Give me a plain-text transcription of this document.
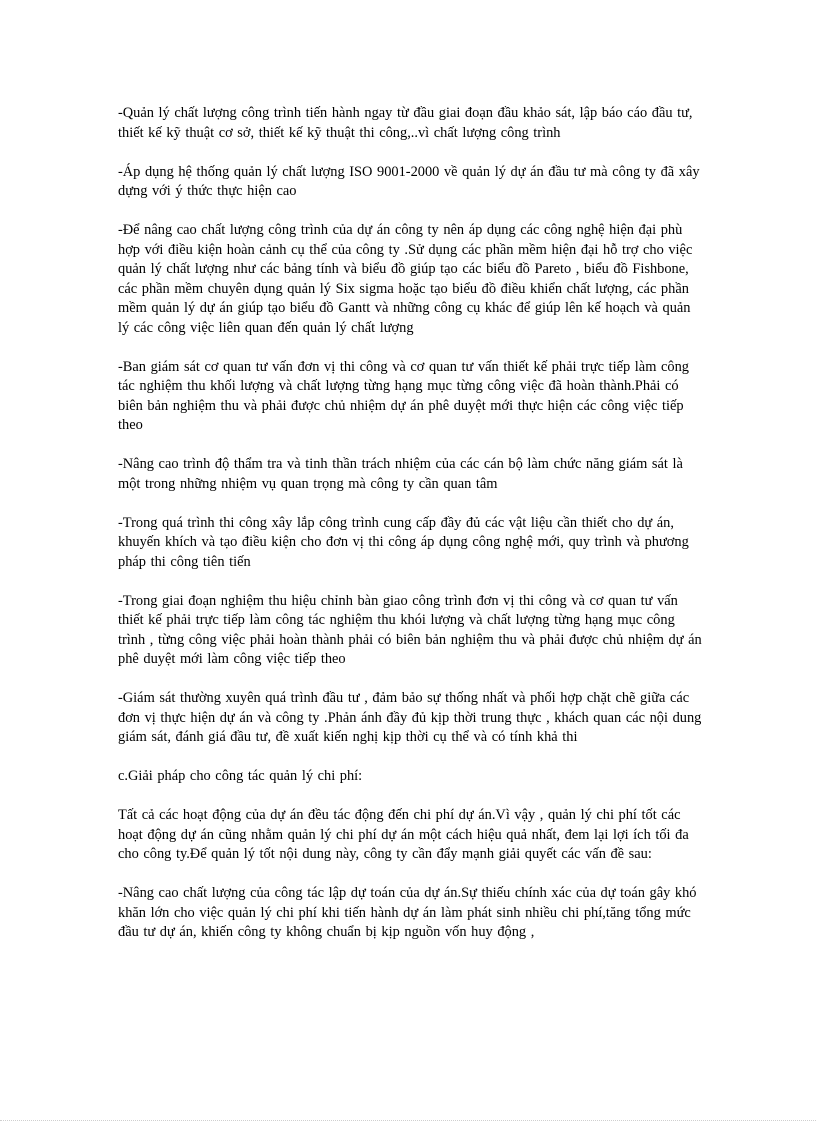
-Quản lý chất lượng công trình tiến hành ngay từ đầu giai đoạn đầu khảo sát, lập báo cáo đầu tư, thiết kế kỹ thuật cơ sở, thiết kế kỹ thuật thi công,..vì chất lượng công trình

-Áp dụng hệ thống quản lý chất lượng ISO 9001-2000 về quản lý dự án đầu tư mà công ty đã xây dựng với ý thức thực hiện cao

-Để nâng cao chất lượng công trình của dự án công ty nên áp dụng các công nghệ hiện đại phù hợp với điều kiện hoàn cảnh cụ thể của công ty .Sử dụng các phần mềm hiện đại hỗ trợ cho việc quản lý chất lượng như các bảng tính và biểu đồ giúp tạo các biểu đồ Pareto , biểu đồ Fishbone, các phần mềm chuyên dụng quản lý Six sigma hoặc tạo biểu đồ điều khiển chất lượng, các phần mềm quản lý dự án giúp tạo biểu đồ Gantt và những công cụ khác để giúp lên kế hoạch và quản lý các công việc liên quan đến quản lý chất lượng

-Ban giám sát cơ quan tư vấn đơn vị thi công và cơ quan tư vấn thiết kế phải trực tiếp làm công tác nghiệm thu khối lượng và chất lượng từng hạng mục từng công việc đã hoàn thành.Phải có biên bản nghiệm thu và phải được chủ nhiệm dự án phê duyệt mới thực hiện các công việc tiếp theo

-Nâng cao trình độ thẩm tra và tinh thần trách nhiệm của các cán bộ làm chức năng giám sát là một trong những nhiệm vụ quan trọng mà công ty cần quan tâm

-Trong quá trình thi công xây lắp công trình cung cấp đầy đủ các vật liệu cần thiết cho dự án, khuyến khích và tạo điều kiện cho đơn vị thi công áp dụng công nghệ mới, quy trình và phương pháp thi công tiên tiến

-Trong giai đoạn nghiệm thu hiệu chỉnh bàn giao công trình đơn vị thi công và cơ quan tư vấn thiết kế phải trực tiếp làm công tác nghiệm thu khói lượng và chất lượng từng hạng mục công trình , từng công việc phải hoàn thành phải có biên bản nghiệm thu và phải được chủ nhiệm dự án phê duyệt mới làm công việc tiếp theo

-Giám sát thường xuyên quá trình đầu tư , đảm bảo sự thống nhất và phối hợp chặt chẽ giữa các đơn vị thực hiện dự án và công ty .Phản ánh đầy đủ kịp thời trung thực , khách quan các nội dung giám sát, đánh giá đầu tư, đề xuất kiến nghị kịp thời cụ thể và có tính khả thi

c.Giải pháp cho công tác quản lý chi phí:

Tất cả các hoạt động của dự án đều tác động đến chi phí dự án.Vì vậy , quản lý chi phí tốt các hoạt động dự án cũng nhằm quản lý chi phí dự án một cách hiệu quả nhất, đem lại lợi ích tối đa cho công ty.Để quản lý tốt nội dung này, công ty cần đẩy mạnh giải quyết các vấn đề sau:

-Nâng cao chất lượng của công tác lập dự toán của dự án.Sự thiếu chính xác của dự toán gây khó khăn lớn cho việc quản lý chi phí khi tiến hành dự án làm phát sinh nhiều chi phí,tăng tổng mức đầu tư dự án, khiến công ty không chuẩn bị kịp nguồn vốn huy động ,
